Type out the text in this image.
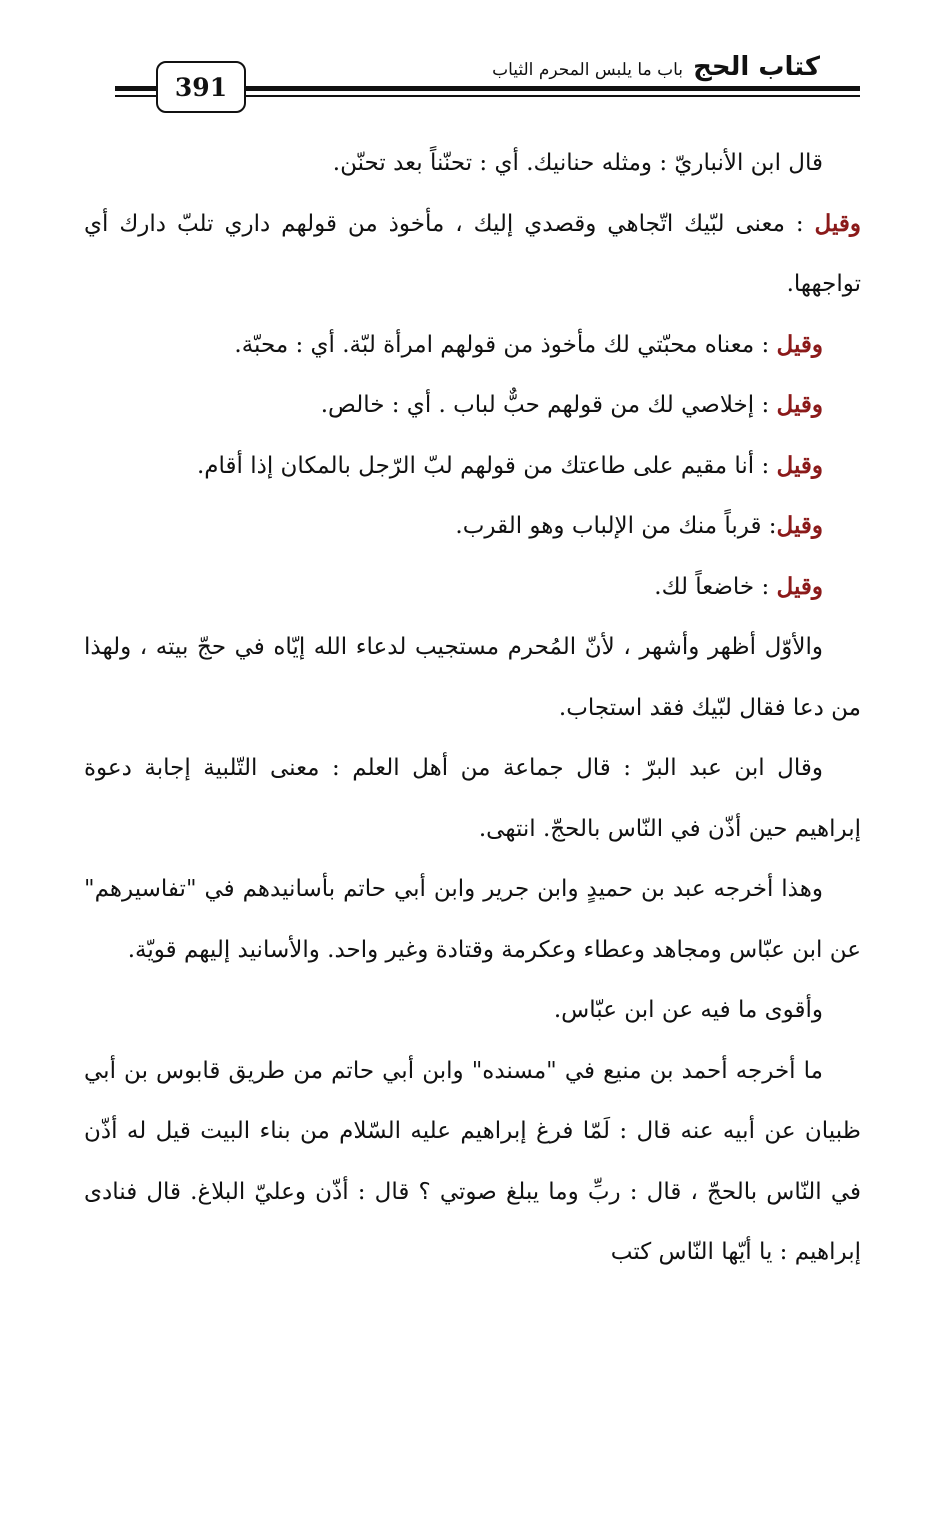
كتاب الحج
باب ما يلبس المحرم الثياب
391

قال ابن الأنباريّ : ومثله حنانيك. أي : تحنّناً بعد تحنّن.

وقيل : معنى لبّيك اتّجاهي وقصدي إليك ، مأخوذ من قولهم داري تلبّ دارك أي تواجهها.

وقيل : معناه محبّتي لك مأخوذ من قولهم امرأة لبّة. أي : محبّة.

وقيل : إخلاصي لك من قولهم حبٌّ لباب . أي : خالص.

وقيل : أنا مقيم على طاعتك من قولهم لبّ الرّجل بالمكان إذا أقام.

وقيل: قرباً منك من الإلباب وهو القرب.

وقيل : خاضعاً لك.

والأوّل أظهر وأشهر ، لأنّ المُحرم مستجيب لدعاء الله إيّاه في حجّ بيته ، ولهذا من دعا فقال لبّيك فقد استجاب.

وقال ابن عبد البرّ : قال جماعة من أهل العلم : معنى التّلبية إجابة دعوة إبراهيم حين أذّن في النّاس بالحجّ. انتهى.

وهذا أخرجه عبد بن حميدٍ وابن جرير وابن أبي حاتم بأسانيدهم في "تفاسيرهم" عن ابن عبّاس ومجاهد وعطاء وعكرمة وقتادة وغير واحد. والأسانيد إليهم قويّة.

وأقوى ما فيه عن ابن عبّاس.

ما أخرجه أحمد بن منيع في "مسنده" وابن أبي حاتم من طريق قابوس بن أبي ظبيان عن أبيه عنه قال : لَمّا فرغ إبراهيم عليه السّلام من بناء البيت قيل له أذّن في النّاس بالحجّ ، قال : ربِّ وما يبلغ صوتي ؟ قال : أذّن وعليّ البلاغ. قال فنادى إبراهيم : يا أيّها النّاس كتب
